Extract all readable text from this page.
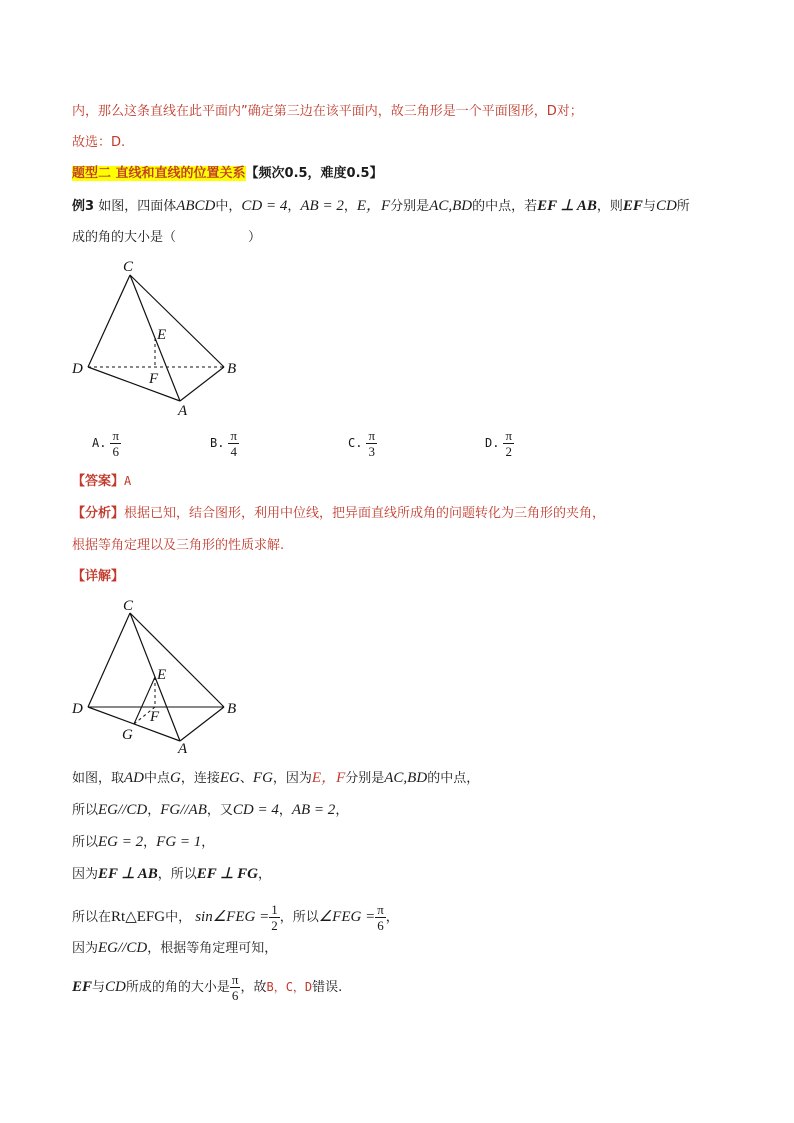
内，那么这条直线在此平面内”确定第三边在该平面内，故三角形是一个平面图形，D对；
故选：D.
题型二 直线和直线的位置关系【频次0.5，难度0.5】
例3 如图，四面体ABCD中，CD = 4，AB = 2，E，F分别是AC,BD的中点，若EF ⊥ AB，则EF与CD所
成的角的大小是（	）
C
D	B
A
E
F
A. $\frac{\pi}{6}$	B. $\frac{\pi}{4}$	C. $\frac{\pi}{3}$	D. $\frac{\pi}{2}$
【答案】A
【分析】根据已知，结合图形，利用中位线，把异面直线所成角的问题转化为三角形的夹角，
根据等角定理以及三角形的性质求解.
【详解】
C
D	B
A
E
F
G
如图，取AD中点G，连接EG、FG，因为E，F分别是AC,BD的中点，
所以EG//CD，FG//AB，又CD = 4，AB = 2，
所以EG = 2，FG = 1，
因为EF ⊥ AB，所以EF ⊥ FG，
所以在Rt△EFG中， sin∠FEG = $\frac{1}{2}$ ，所以∠FEG = $\frac{\pi}{6}$ ，
因为EG//CD，根据等角定理可知，
EF与CD所成的角的大小是 $\frac{\pi}{6}$ ，故B，C，D错误.
